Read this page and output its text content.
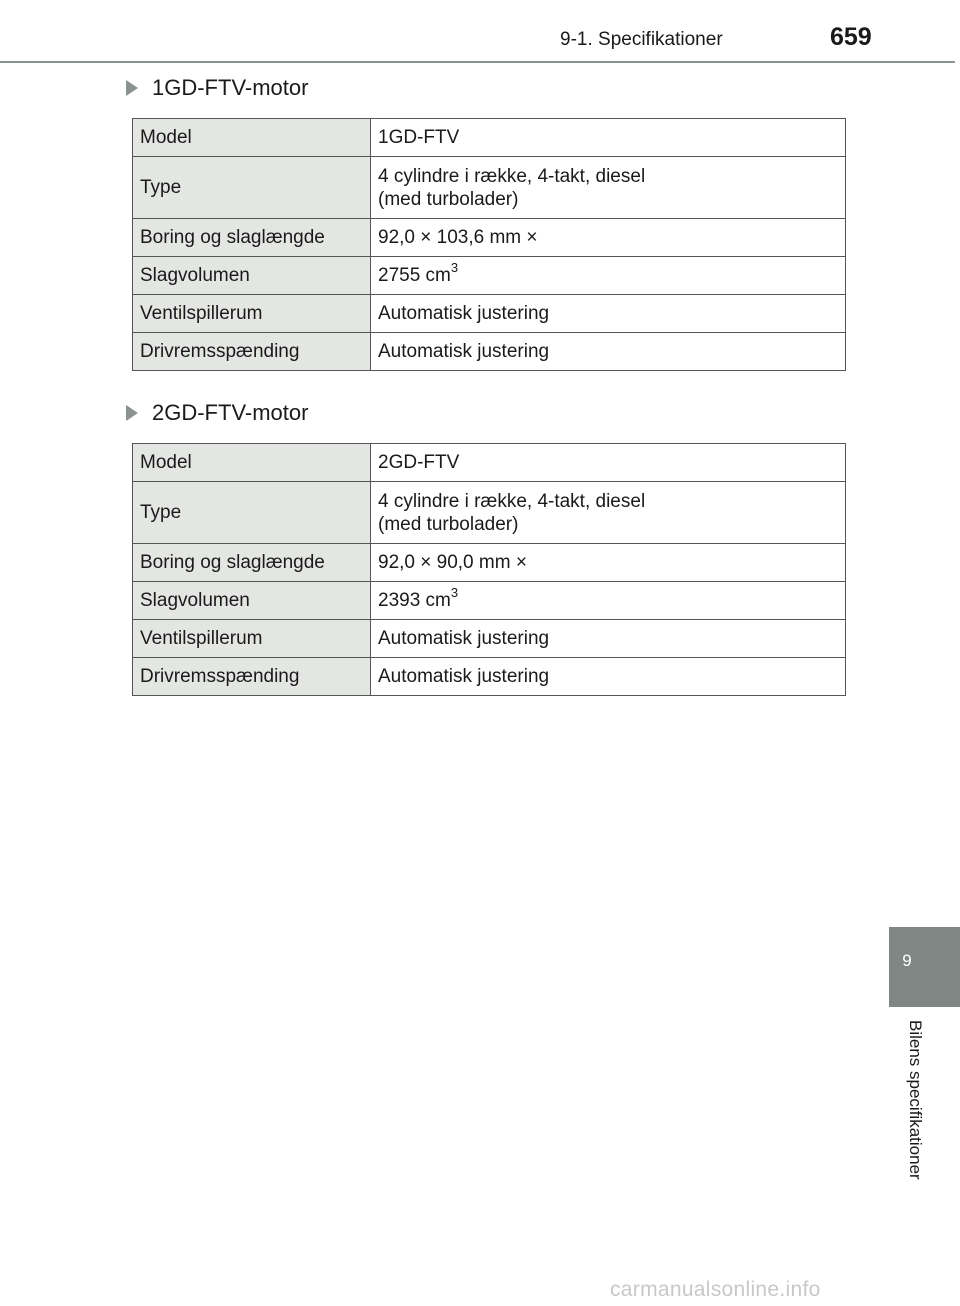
9-1. Specifikationer	659
1GD-FTV-motor
Model	1GD-FTV
Type	4 cylindre i række, 4-takt, diesel
(med turbolader)

Boring og slaglængde	92,0 × 103,6 mm ×
Slagvolumen	2755 $cm^3$
Ventilspillerum	Automatisk justering
Drivremsspænding	Automatisk justering
2GD-FTV-motor
Model	2GD-FTV
Type	4 cylindre i række, 4-takt, diesel
(med turbolader)

Boring og slaglængde	92,0 × 90,0 mm ×
Slagvolumen	2393 $cm^3$
Ventilspillerum	Automatisk justering
Drivremsspænding	Automatisk justering
9
Bilens specifikationer
carmanualsonline.info
